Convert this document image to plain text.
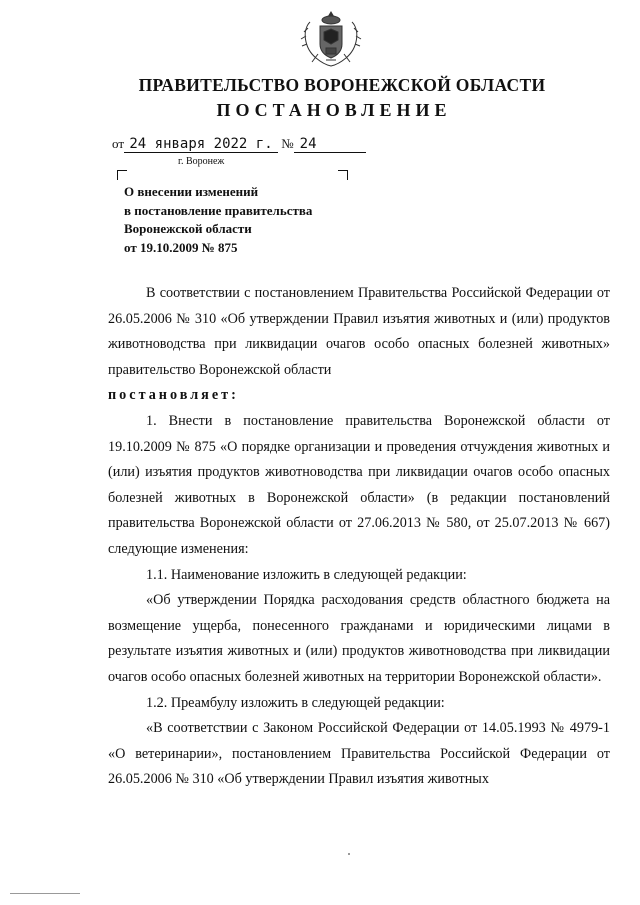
ПРАВИТЕЛЬСТВО ВОРОНЕЖСКОЙ ОБЛАСТИ
ПОСТАНОВЛЕНИЕ
от 24 января 2022 г. № 24
г. Воронеж
О внесении изменений
в постановление правительства
Воронежской области
от 19.10.2009 № 875

В соответствии с постановлением Правительства Российской Федерации от 26.05.2006 № 310 «Об утверждении Правил изъятия животных и (или) продуктов животноводства при ликвидации очагов особо опасных болезней животных» правительство Воронежской области

постановляет:

1. Внести в постановление правительства Воронежской области от 19.10.2009 № 875 «О порядке организации и проведения отчуждения животных и (или) изъятия продуктов животноводства при ликвидации очагов особо опасных болезней животных в Воронежской области» (в редакции постановлений правительства Воронежской области от 27.06.2013 № 580, от 25.07.2013 № 667) следующие изменения:

1.1. Наименование изложить в следующей редакции:

«Об утверждении Порядка расходования средств областного бюджета на возмещение ущерба, понесенного гражданами и юридическими лицами в результате изъятия животных и (или) продуктов животноводства при ликвидации очагов особо опасных болезней животных на территории Воронежской области».

1.2. Преамбулу изложить в следующей редакции:

«В соответствии с Законом Российской Федерации от 14.05.1993 № 4979-1 «О ветеринарии», постановлением Правительства Российской Федерации от 26.05.2006 № 310 «Об утверждении Правил изъятия животных
